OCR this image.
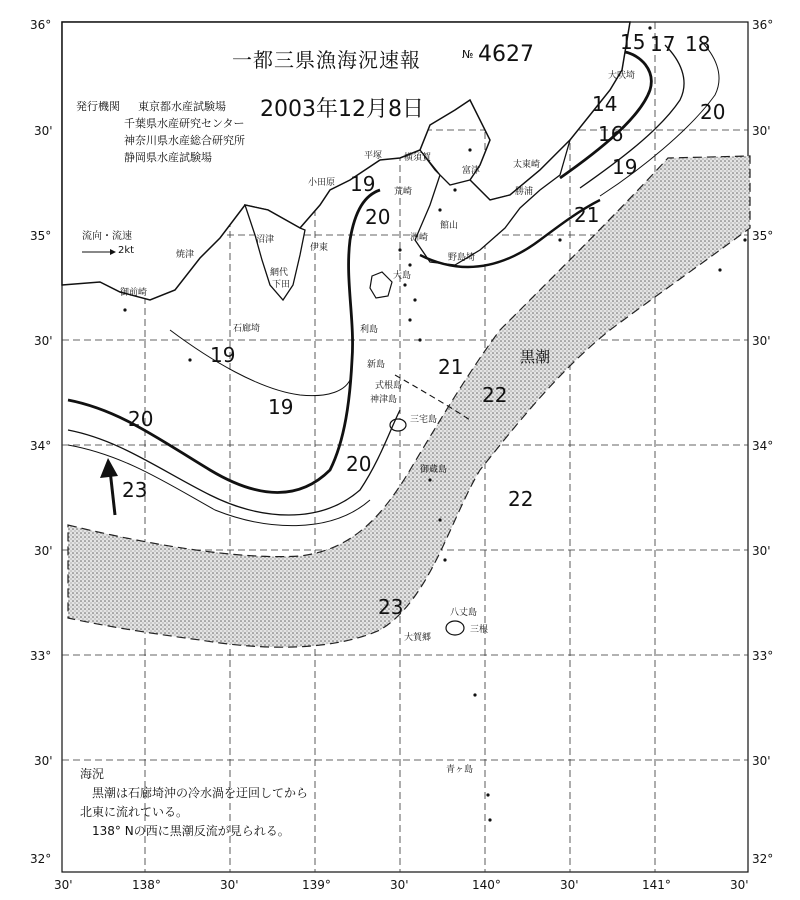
一都三県漁海況速報	№ 4627
2003年12月8日
発行機関 東京都水産試験場
千葉県水産研究センター
神奈川県水産総合研究所
静岡県水産試験場
流向・流速
2kt
黒潮
15 17 18
14
16
20
19
19
20	21
19
19
20
21
22
20
23	22
23
大吠埼
太東崎
平塚 横須賀
富津
小田原
荒崎
館山
勝浦
洲崎
野島埼
沼津
伊東
焼津
御前崎
網代
下田
石廊埼
大島
利島
新島
式根島
神津島
三宅島
御蔵島
八丈島
青ヶ島
三根
大賀郷
海況
黒潮は石廊埼沖の冷水渦を迂回してから
北東に流れている。
138° Nの西に黒潮反流が見られる。
36°
30'
35°
30'
34°
30'
33°
30'
32°
36°
30'
35°
30'
34°
30'
33°
30'
32°
30'	138°	30'	139°	30'	140°	30'	141°	30'
